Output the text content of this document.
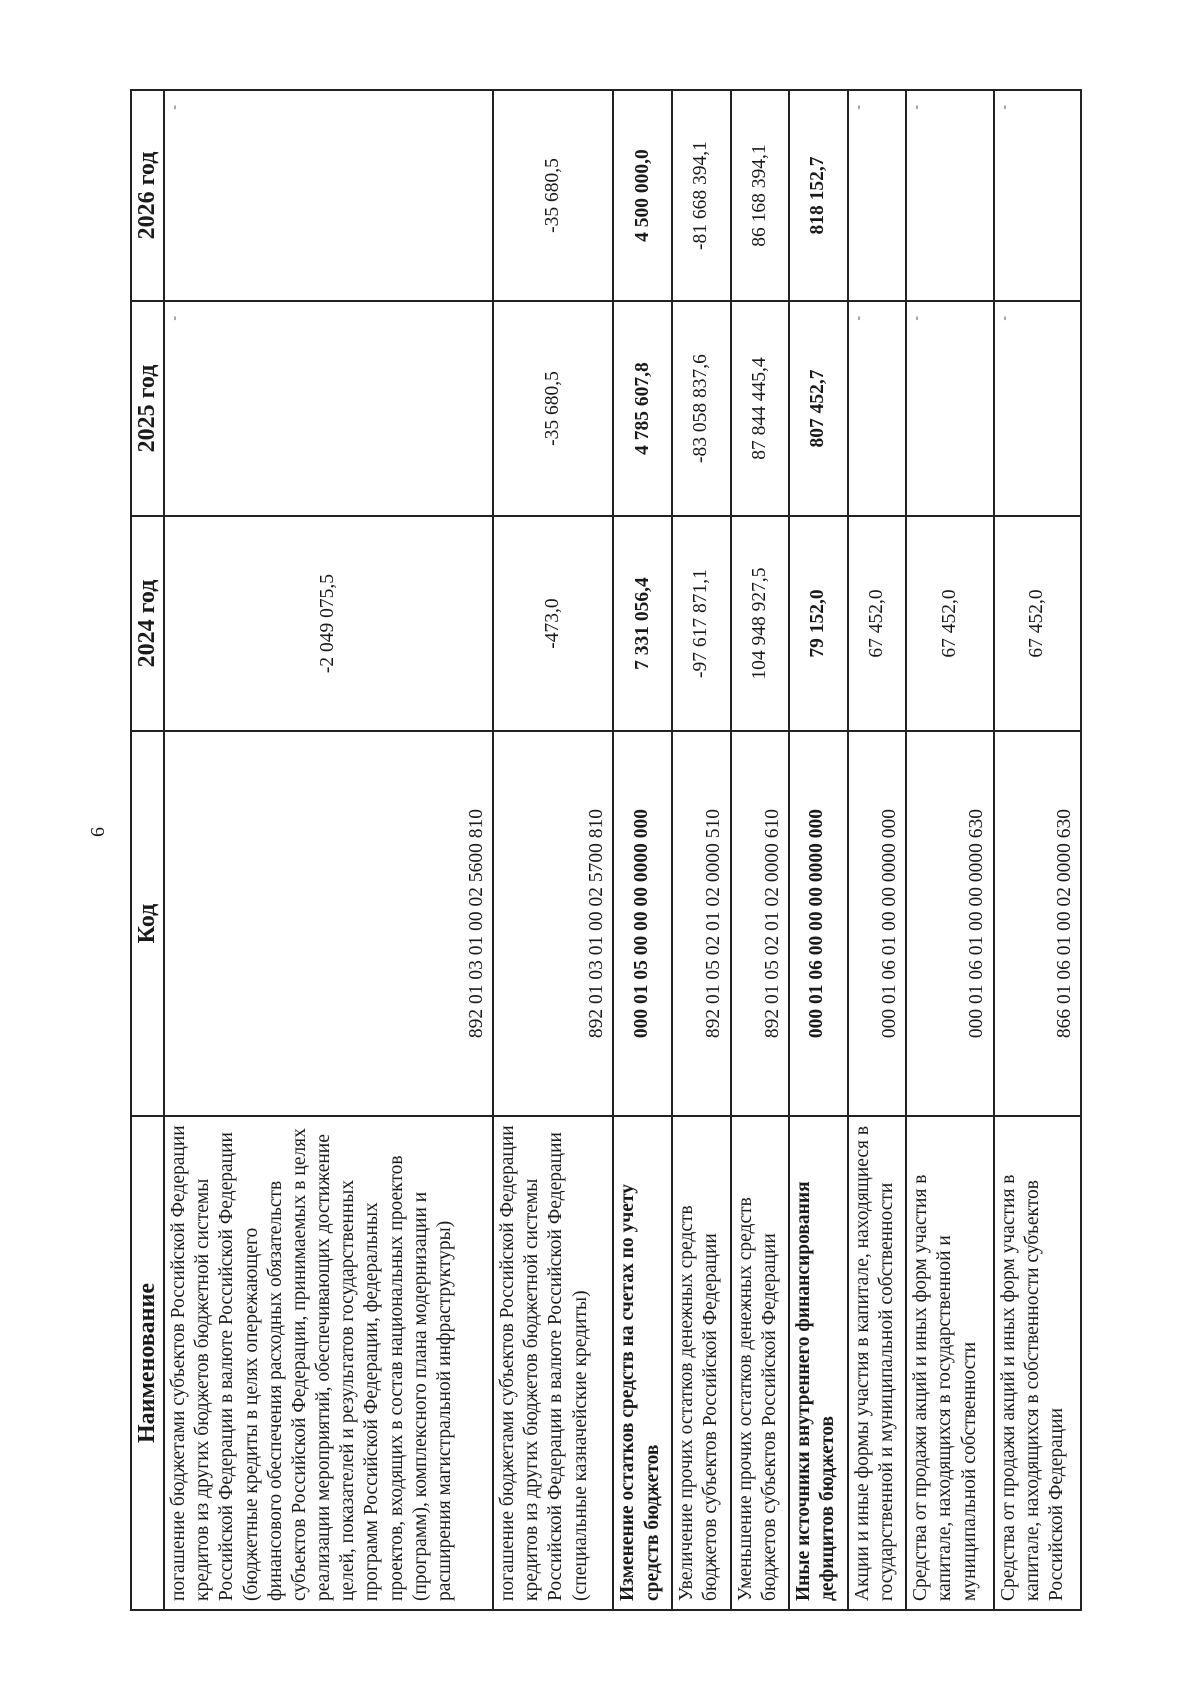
6
Наименование	Код	2024 год	2025 год	2026 год
погашение бюджетами субъектов Российской Федерации кредитов из других бюджетов бюджетной системы Российской Федерации в валюте Российской Федерации (бюджетные кредиты в целях опережающего финансового обеспечения расходных обязательств субъектов Российской Федерации, принимаемых в целях реализации мероприятий, обеспечивающих достижение целей, показателей и результатов государственных программ Российской Федерации, федеральных проектов, входящих в состав национальных проектов (программ), комплексного плана модернизации и расширения магистральной инфраструктуры)	892 01 03 01 00 02 5600 810	-2 049 075,5	-	-
погашение бюджетами субъектов Российской Федерации кредитов из других бюджетов бюджетной системы Российской Федерации в валюте Российской Федерации (специальные казначейские кредиты)	892 01 03 01 00 02 5700 810	-473,0	-35 680,5	-35 680,5
Изменение остатков средств на счетах по учету средств бюджетов	000 01 05 00 00 00 0000 000	7 331 056,4	4 785 607,8	4 500 000,0
Увеличение прочих остатков денежных средств бюджетов субъектов Российской Федерации	892 01 05 02 01 02 0000 510	-97 617 871,1	-83 058 837,6	-81 668 394,1
Уменьшение прочих остатков денежных средств бюджетов субъектов Российской Федерации	892 01 05 02 01 02 0000 610	104 948 927,5	87 844 445,4	86 168 394,1
Иные источники внутреннего финансирования дефицитов бюджетов	000 01 06 00 00 00 0000 000	79 152,0	807 452,7	818 152,7
Акции и иные формы участия в капитале, находящиеся в государственной и муниципальной собственности	000 01 06 01 00 00 0000 000	67 452,0	-	-
Средства от продажи акций и иных форм участия в капитале, находящихся в государственной и муниципальной собственности	000 01 06 01 00 00 0000 630	67 452,0	-	-
Средства от продажи акций и иных форм участия в капитале, находящихся в собственности субъектов Российской Федерации	866 01 06 01 00 02 0000 630	67 452,0	-	-
